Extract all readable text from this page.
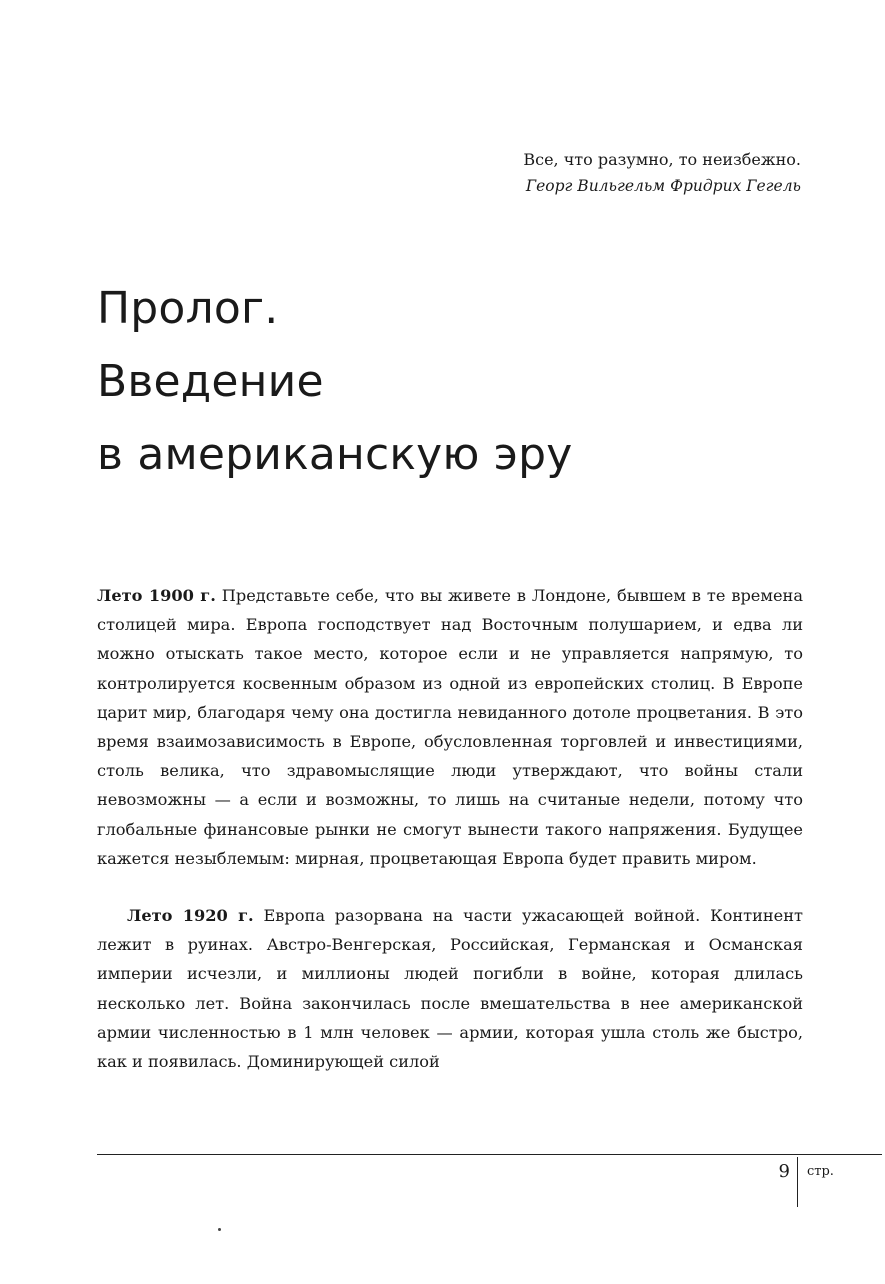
Все, что разумно, то неизбежно.
Георг Вильгельм Фридрих Гегель
Пролог.
Введение
в американскую эру

Лето 1900 г. Представьте себе, что вы живете в Лондоне, бывшем в те времена столицей мира. Европа господствует над Восточным полушарием, и едва ли можно отыскать такое место, которое если и не управляется напрямую, то контролируется косвенным образом из одной из европейских столиц. В Европе царит мир, благодаря чему она достигла невиданного дотоле процветания. В это время взаимозависимость в Европе, обусловленная торговлей и инвестициями, столь велика, что здравомыслящие люди утверждают, что войны стали невозможны — а если и возможны, то лишь на считаные недели, потому что глобальные финансовые рынки не смогут вынести такого напряжения. Будущее кажется незыблемым: мирная, процветающая Европа будет править миром.

Лето 1920 г. Европа разорвана на части ужасающей войной. Континент лежит в руинах. Австро-Венгерская, Российская, Германская и Османская империи исчезли, и миллионы людей погибли в войне, которая длилась несколько лет. Война закончилась после вмешательства в нее американской армии численностью в 1 млн человек — армии, которая ушла столь же быстро, как и появилась. Доминирующей силой

9 стр.
